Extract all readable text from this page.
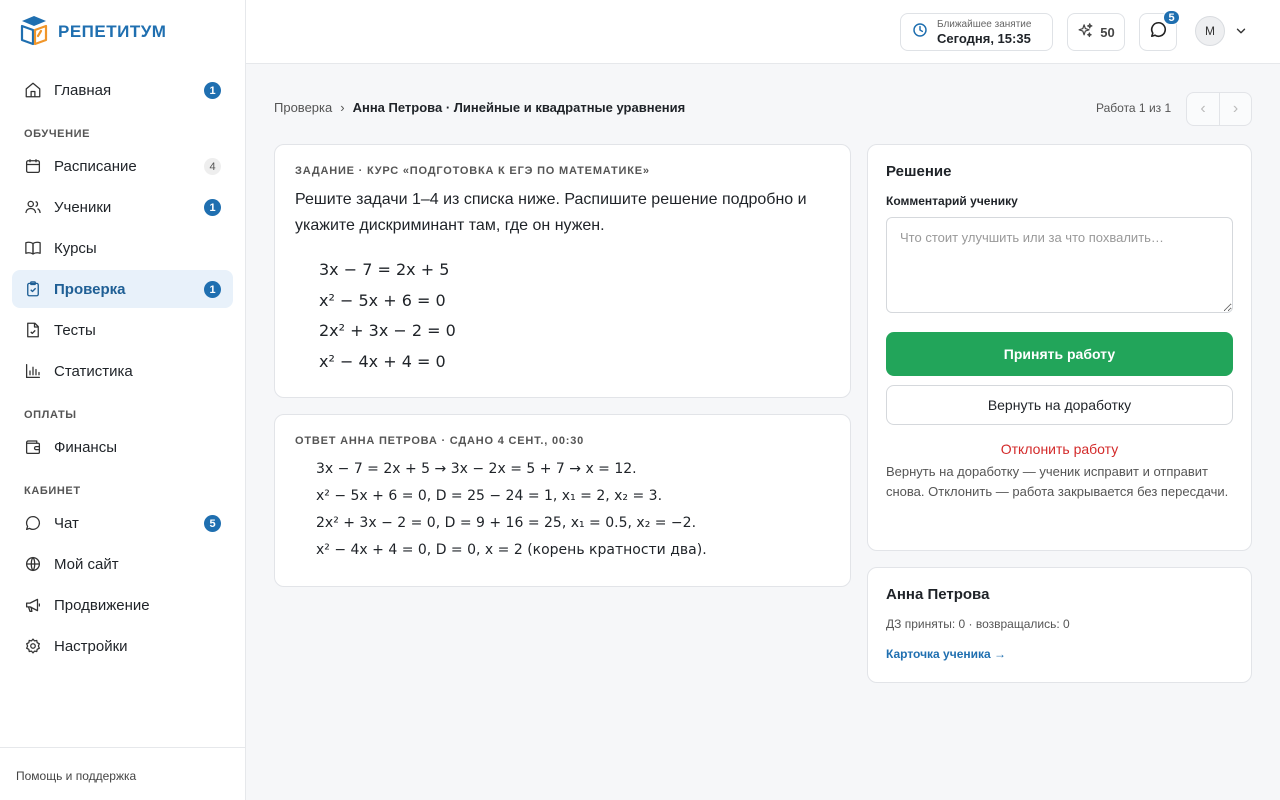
РЕПЕТИТУМ
Главная	1
ОБУЧЕНИЕ
Расписание	4
Ученики	1
Курсы
Проверка	1
Тесты
Статистика
ОПЛАТЫ
Финансы
КАБИНЕТ
Чат	5
Мой сайт
Продвижение
Настройки
Помощь и поддержка
Ближайшее занятие
Сегодня, 15:35	50
5
М
Проверка › Анна Петрова · Линейные и квадратные уравнения	Работа 1 из 1	‹	›
ЗАДАНИЕ · КУРС «ПОДГОТОВКА К ЕГЭ ПО МАТЕМАТИКЕ»
Решите задачи 1–4 из списка ниже. Распишите решение подробно и укажите дискриминант там, где он нужен.
3x − 7 = 2x + 5
x² − 5x + 6 = 0
2x² + 3x − 2 = 0
x² − 4x + 4 = 0
ОТВЕТ АННА ПЕТРОВА · СДАНО 4 СЕНТ., 00:30
3x − 7 = 2x + 5 → 3x − 2x = 5 + 7 → x = 12.
x² − 5x + 6 = 0, D = 25 − 24 = 1, x₁ = 2, x₂ = 3.
2x² + 3x − 2 = 0, D = 9 + 16 = 25, x₁ = 0.5, x₂ = −2.
x² − 4x + 4 = 0, D = 0, x = 2 (корень кратности два).
Решение
Комментарий ученику
Что стоит улучшить или за что похвалить…
Принять работу
Вернуть на доработку
Отклонить работу
Вернуть на доработку — ученик исправит и отправит снова. Отклонить — работа закрывается без пересдачи.
Анна Петрова
ДЗ приняты: 0 · возвращались: 0
Карточка ученика →
